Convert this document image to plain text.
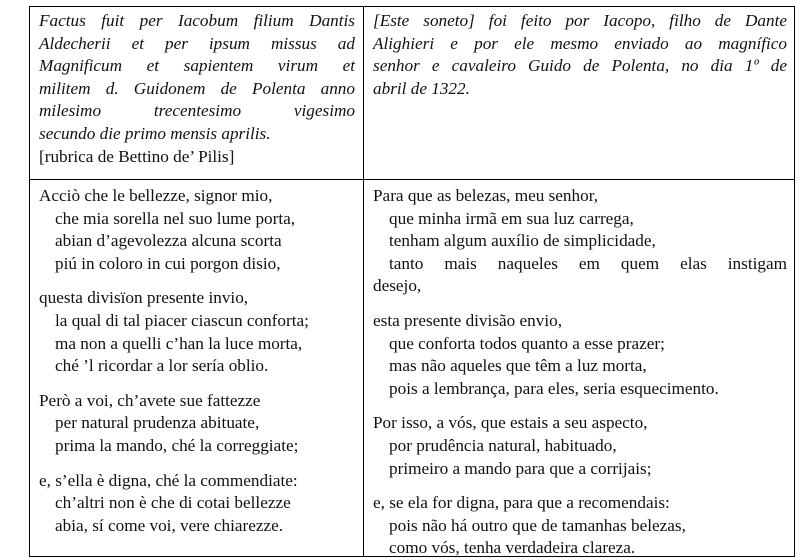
Factus fuit per Iacobum filium Dantis
Aldecherii et per ipsum missus ad
Magnificum et sapientem virum et
militem d. Guidonem de Polenta anno
milesimo trecentesimo vigesimo
secundo die primo mensis aprilis.
[rubrica de Bettino de’ Pilis]
[Este soneto] foi feito por Iacopo, filho de Dante
Alighieri e por ele mesmo enviado ao magnífico
senhor e cavaleiro Guido de Polenta, no dia 1º de
abril de 1322.
Acciò che le bellezze, signor mio,
che mia sorella nel suo lume porta,
abian d’agevolezza alcuna scorta
piú in coloro in cui porgon disio,
questa divisïon presente invio,
la qual di tal piacer ciascun conforta;
ma non a quelli c’han la luce morta,
ché ’l ricordar a lor sería oblio.
Però a voi, ch’avete sue fattezze
per natural prudenza abituate,
prima la mando, ché la correggiate;
e, s’ella è digna, ché la commendiate:
ch’altri non è che di cotai bellezze
abia, sí come voi, vere chiarezze.
Para que as belezas, meu senhor,
que minha irmã em sua luz carrega,
tenham algum auxílio de simplicidade,
tanto mais naqueles em quem elas instigam
desejo,
esta presente divisão envio,
que conforta todos quanto a esse prazer;
mas não aqueles que têm a luz morta,
pois a lembrança, para eles, seria esquecimento.
Por isso, a vós, que estais a seu aspecto,
por prudência natural, habituado,
primeiro a mando para que a corrijais;
e, se ela for digna, para que a recomendais:
pois não há outro que de tamanhas belezas,
como vós, tenha verdadeira clareza.
